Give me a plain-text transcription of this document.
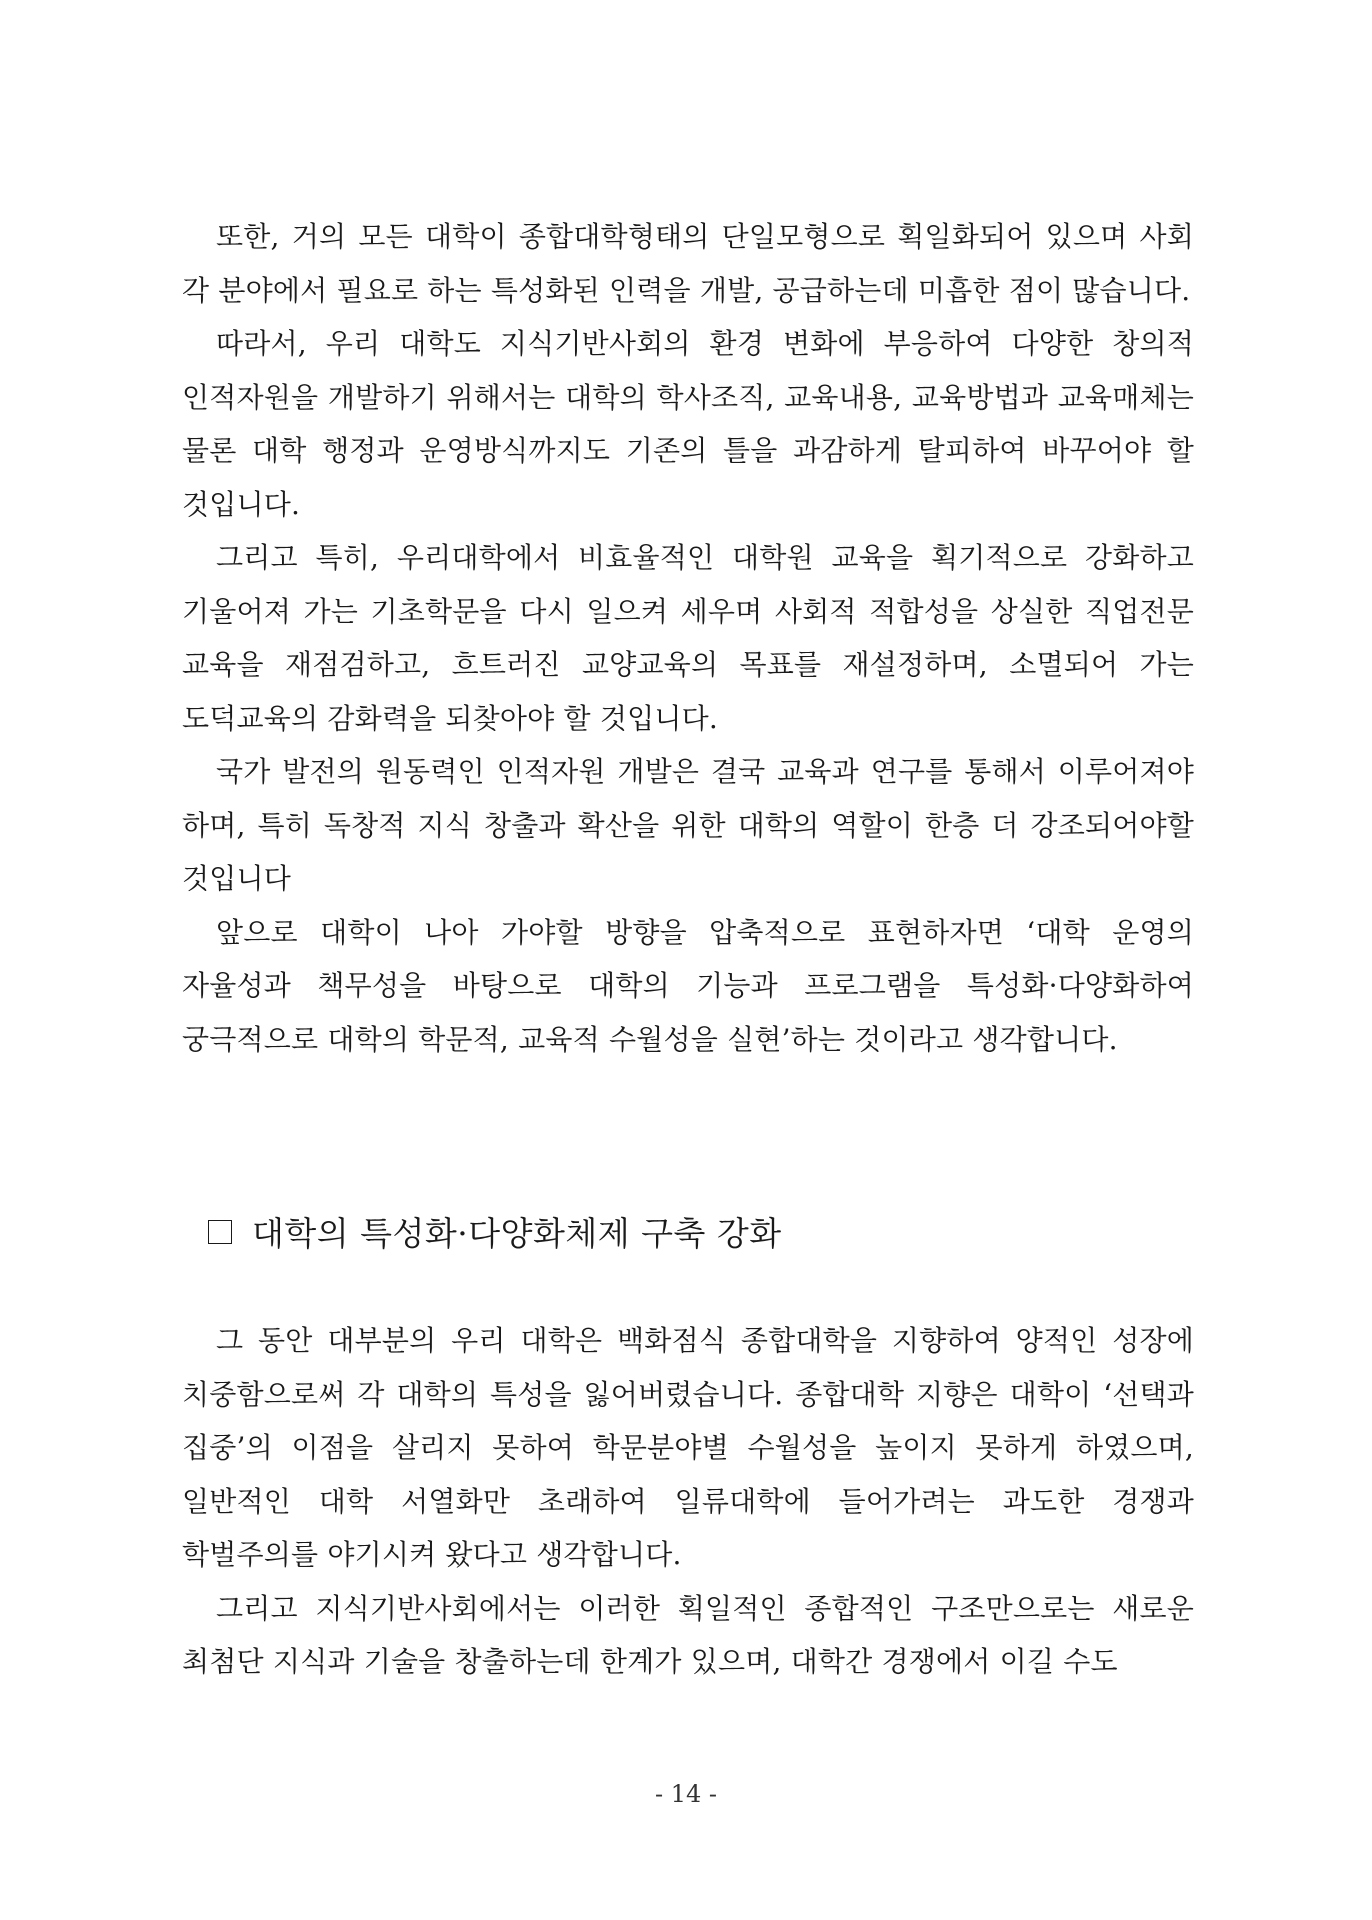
또한, 거의 모든 대학이 종합대학형태의 단일모형으로 획일화되어 있으며 사회 각 분야에서 필요로 하는 특성화된 인력을 개발, 공급하는데 미흡한 점이 많습니다.

따라서, 우리 대학도 지식기반사회의 환경 변화에 부응하여 다양한 창의적 인적자원을 개발하기 위해서는 대학의 학사조직, 교육내용, 교육방법과 교육매체는 물론 대학 행정과 운영방식까지도 기존의 틀을 과감하게 탈피하여 바꾸어야 할 것입니다.

그리고 특히, 우리대학에서 비효율적인 대학원 교육을 획기적으로 강화하고 기울어져 가는 기초학문을 다시 일으켜 세우며 사회적 적합성을 상실한 직업전문 교육을 재점검하고, 흐트러진 교양교육의 목표를 재설정하며, 소멸되어 가는 도덕교육의 감화력을 되찾아야 할 것입니다.

국가 발전의 원동력인 인적자원 개발은 결국 교육과 연구를 통해서 이루어져야 하며, 특히 독창적 지식 창출과 확산을 위한 대학의 역할이 한층 더 강조되어야할 것입니다

앞으로 대학이 나아 가야할 방향을 압축적으로 표현하자면 ‘대학 운영의 자율성과 책무성을 바탕으로 대학의 기능과 프로그램을 특성화·다양화하여 궁극적으로 대학의 학문적, 교육적 수월성을 실현’하는 것이라고 생각합니다.

대학의 특성화·다양화체제 구축 강화

그 동안 대부분의 우리 대학은 백화점식 종합대학을 지향하여 양적인 성장에 치중함으로써 각 대학의 특성을 잃어버렸습니다. 종합대학 지향은 대학이 ‘선택과 집중’의 이점을 살리지 못하여 학문분야별 수월성을 높이지 못하게 하였으며, 일반적인 대학 서열화만 초래하여 일류대학에 들어가려는 과도한 경쟁과 학벌주의를 야기시켜 왔다고 생각합니다.

그리고 지식기반사회에서는 이러한 획일적인 종합적인 구조만으로는 새로운 최첨단 지식과 기술을 창출하는데 한계가 있으며, 대학간 경쟁에서 이길 수도

- 14 -
